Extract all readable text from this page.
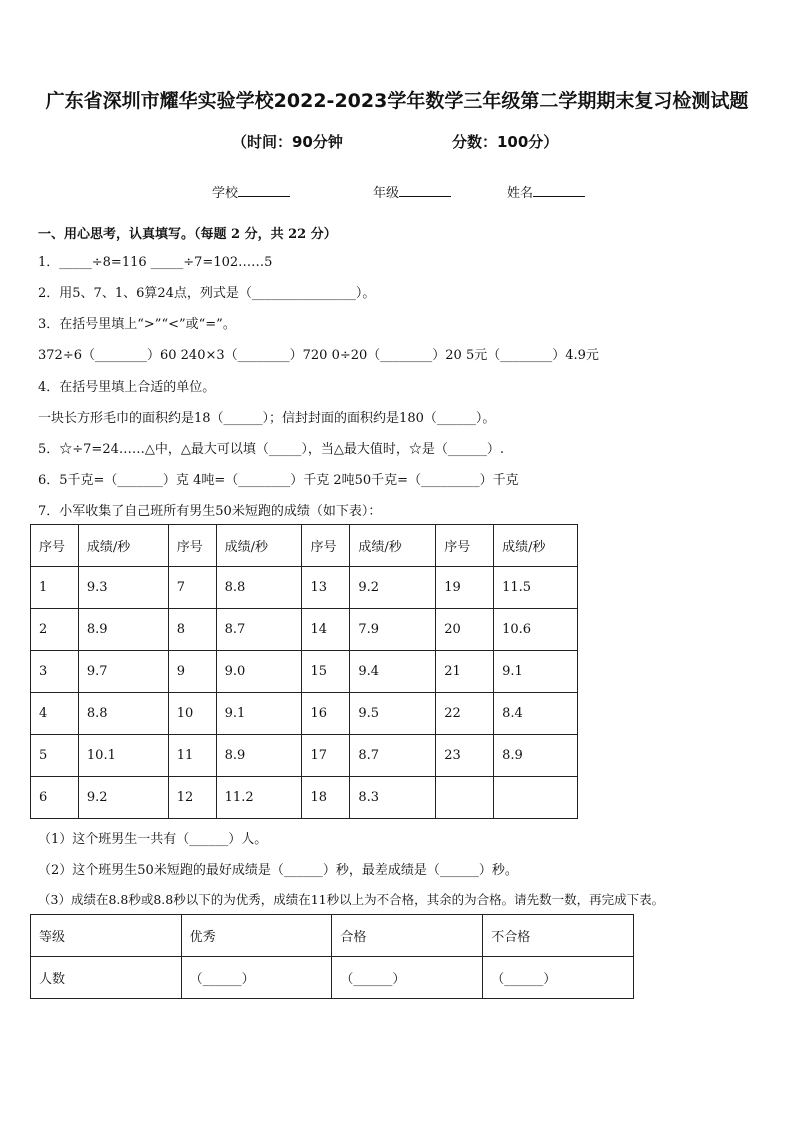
广东省深圳市耀华实验学校2022-2023学年数学三年级第二学期期末复习检测试题
（时间：90分钟	分数：100分）
学校	年级	姓名
一、用心思考，认真填写。（每题 2 分，共 22 分）
1．_____÷8=116 _____÷7=102……5
2．用5、7、1、6算24点，列式是（________________）。
3．在括号里填上“>”“<”或“=”。
372÷6（________）60 240×3（________）720 0÷20（________）20 5元（________）4.9元
4．在括号里填上合适的单位。
一块长方形毛巾的面积约是18（______）；信封封面的面积约是180（______）。
5．☆÷7=24……△中，△最大可以填（_____），当△最大值时，☆是（______）.
6．5千克=（_______）克 4吨=（________）千克 2吨50千克=（_________）千克
7．小军收集了自己班所有男生50米短跑的成绩（如下表）：
序号	成绩/秒	序号	成绩/秒	序号	成绩/秒	序号	成绩/秒
1	9.3	7	8.8	13	9.2	19	11.5
2	8.9	8	8.7	14	7.9	20	10.6
3	9.7	9	9.0	15	9.4	21	9.1
4	8.8	10	9.1	16	9.5	22	8.4
5	10.1	11	8.9	17	8.7	23	8.9
6	9.2	12	11.2	18	8.3		
（1）这个班男生一共有（______）人。
（2）这个班男生50米短跑的最好成绩是（______）秒，最差成绩是（______）秒。
（3）成绩在8.8秒或8.8秒以下的为优秀，成绩在11秒以上为不合格，其余的为合格。请先数一数，再完成下表。
等级	优秀	合格	不合格
人数	（______）	（______）	（______）
